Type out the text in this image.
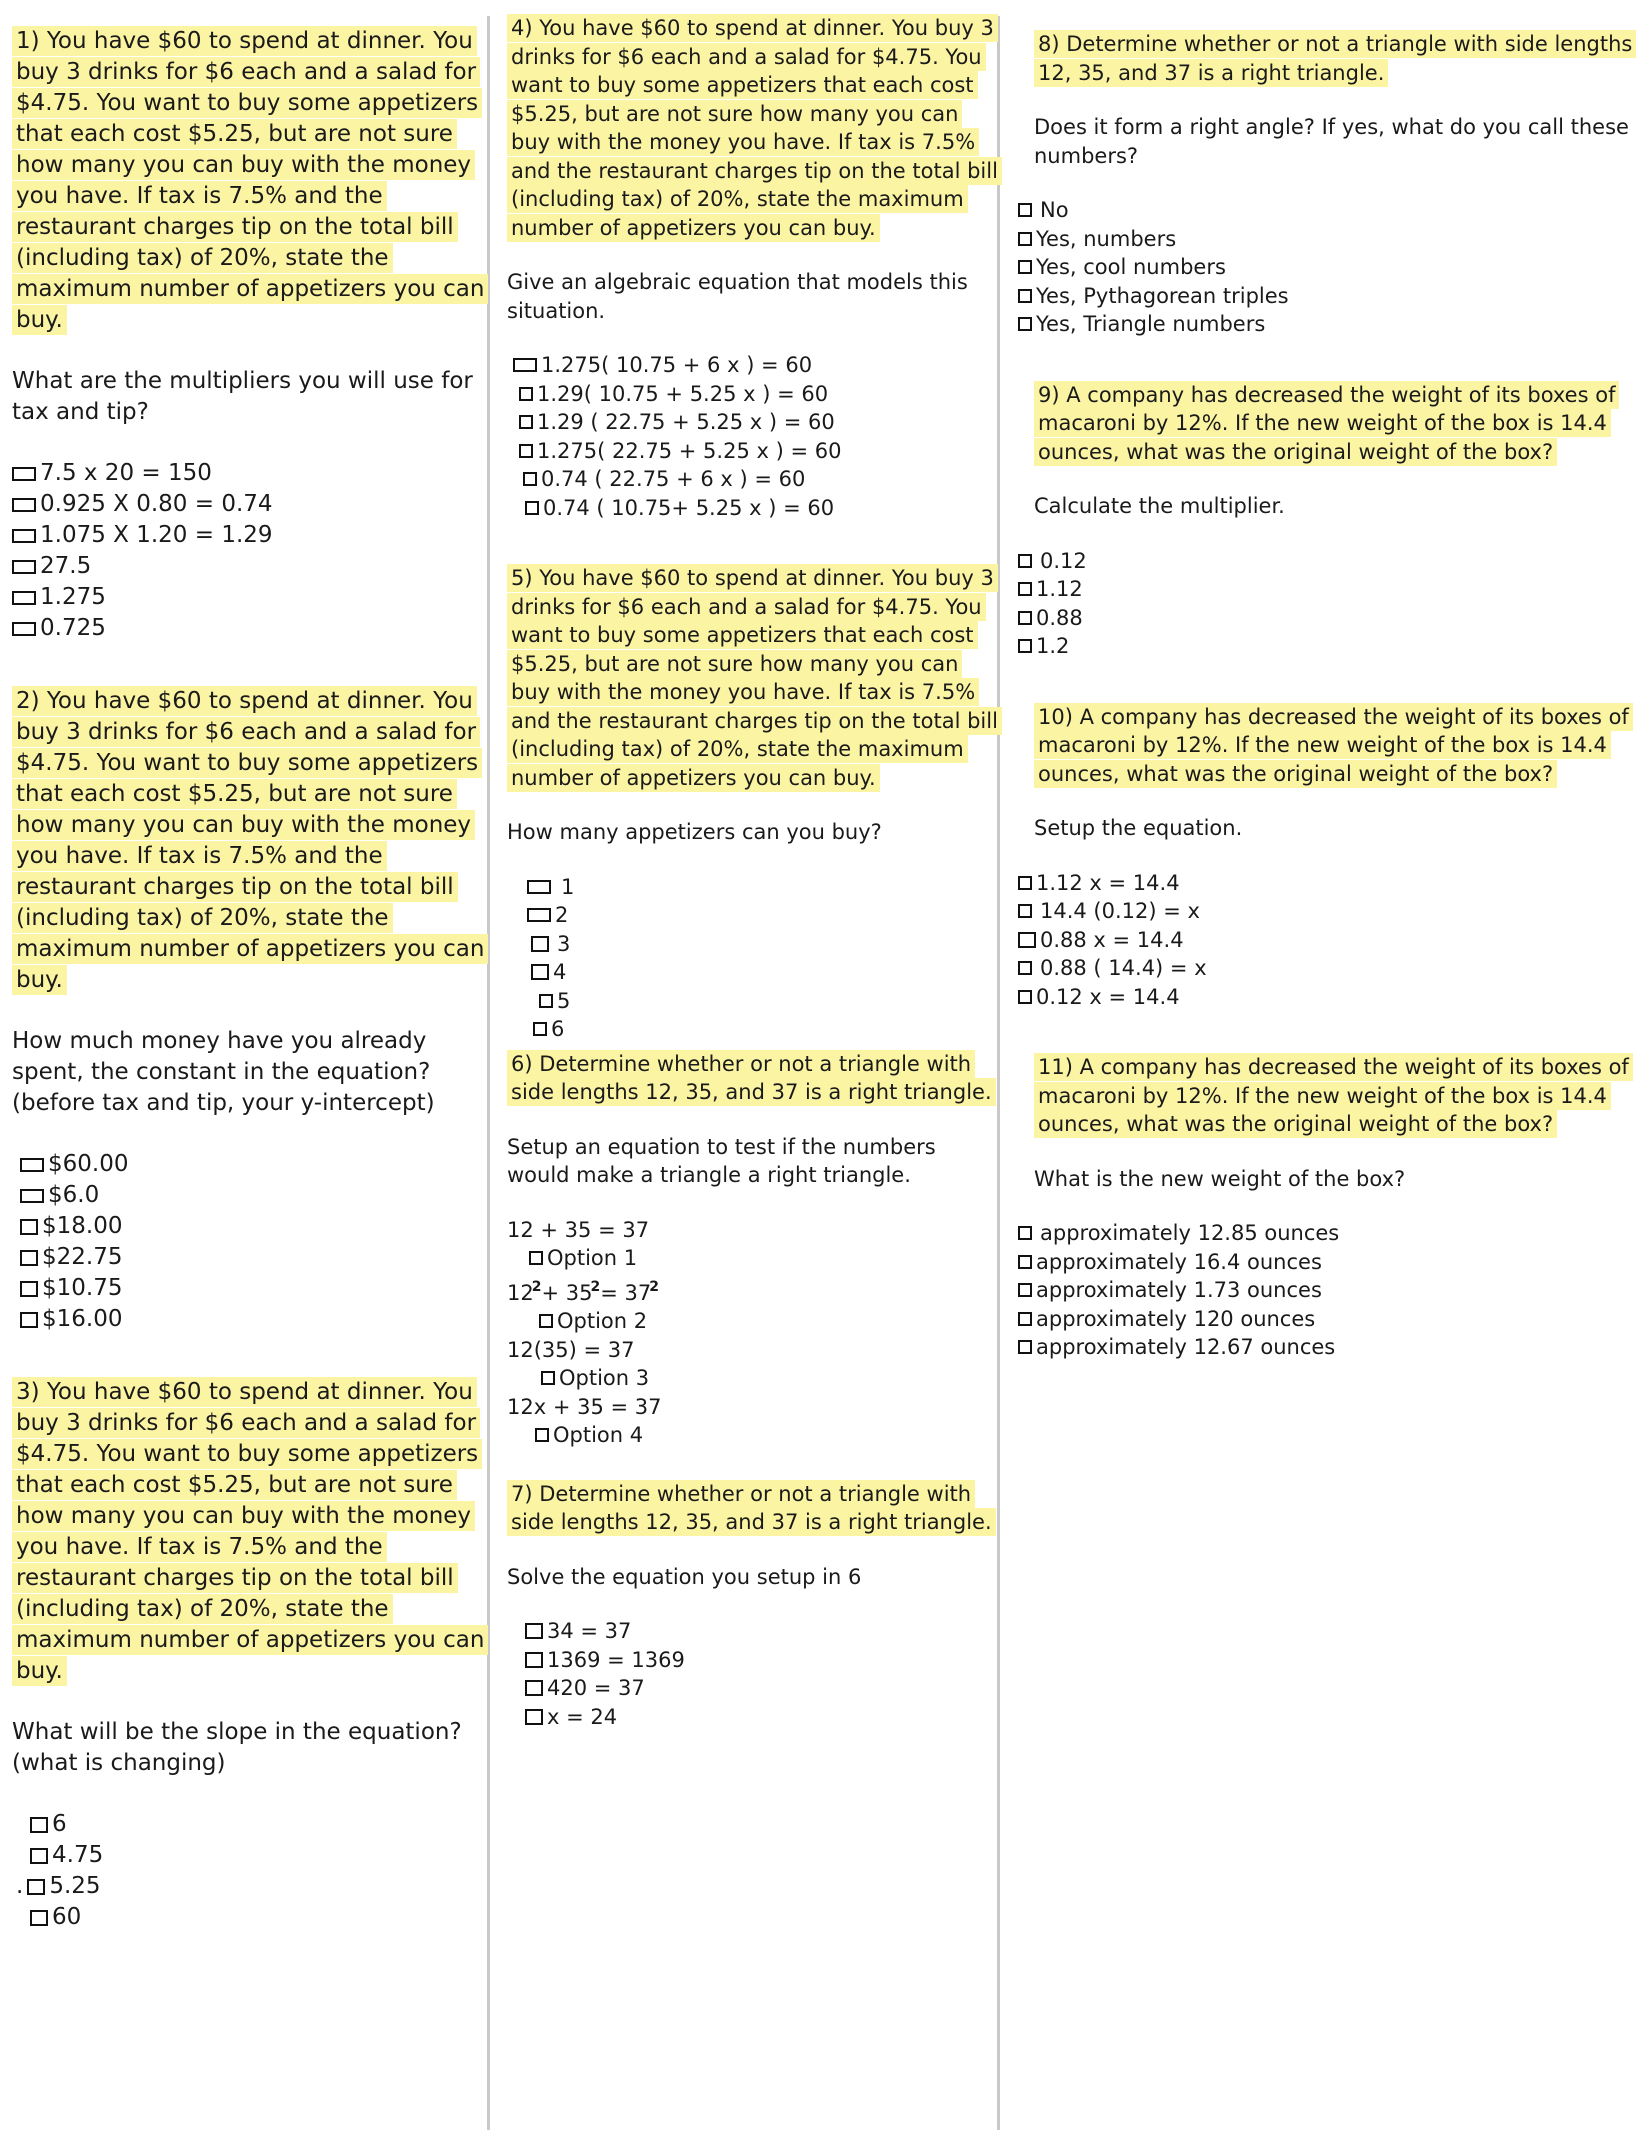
1) You have $60 to spend at dinner. You buy 3 drinks for $6 each and a salad for $4.75. You want to buy some appetizers that each cost $5.25, but are not sure how many you can buy with the money you have. If tax is 7.5% and the restaurant charges tip on the total bill (including tax) of 20%, state the maximum number of appetizers you can buy.

What are the multipliers you will use for tax and tip?

7.5 x 20 = 150
0.925 X 0.80 = 0.74
1.075 X 1.20 = 1.29
27.5
1.275
0.725

2) You have $60 to spend at dinner. You buy 3 drinks for $6 each and a salad for $4.75. You want to buy some appetizers that each cost $5.25, but are not sure how many you can buy with the money you have. If tax is 7.5% and the restaurant charges tip on the total bill (including tax) of 20%, state the maximum number of appetizers you can buy.

How much money have you already spent, the constant in the equation? (before tax and tip, your y-intercept)

$60.00
$6.0
$18.00
$22.75
$10.75
$16.00

3) You have $60 to spend at dinner. You buy 3 drinks for $6 each and a salad for $4.75. You want to buy some appetizers that each cost $5.25, but are not sure how many you can buy with the money you have. If tax is 7.5% and the restaurant charges tip on the total bill (including tax) of 20%, state the maximum number of appetizers you can buy.

What will be the slope in the equation? (what is changing)

6
4.75
. 5.25
60

4) You have $60 to spend at dinner. You buy 3 drinks for $6 each and a salad for $4.75. You want to buy some appetizers that each cost $5.25, but are not sure how many you can buy with the money you have. If tax is 7.5% and the restaurant charges tip on the total bill (including tax) of 20%, state the maximum number of appetizers you can buy.

Give an algebraic equation that models this situation.

1.275( 10.75 + 6 x ) = 60
1.29( 10.75 + 5.25 x ) = 60
1.29 ( 22.75 + 5.25 x ) = 60
1.275( 22.75 + 5.25 x ) = 60
0.74 ( 22.75 + 6 x ) = 60
0.74 ( 10.75+ 5.25 x ) = 60

5) You have $60 to spend at dinner. You buy 3 drinks for $6 each and a salad for $4.75. You want to buy some appetizers that each cost $5.25, but are not sure how many you can buy with the money you have. If tax is 7.5% and the restaurant charges tip on the total bill (including tax) of 20%, state the maximum number of appetizers you can buy.

How many appetizers can you buy?

1
2
3
4
5
6

6) Determine whether or not a triangle with side lengths 12, 35, and 37 is a right triangle.

Setup an equation to test if the numbers would make a triangle a right triangle.

12 + 35 = 37

Option 1

$12^2+ 35^2= 37^2$

Option 2

12(35) = 37

Option 3

12x + 35 = 37

Option 4

7) Determine whether or not a triangle with side lengths 12, 35, and 37 is a right triangle.

Solve the equation you setup in 6

34 = 37
1369 = 1369
420 = 37
x = 24

8) Determine whether or not a triangle with side lengths 12, 35, and 37 is a right triangle.

Does it form a right angle? If yes, what do you call these numbers?

No
Yes, numbers
Yes, cool numbers
Yes, Pythagorean triples
Yes, Triangle numbers

9) A company has decreased the weight of its boxes of macaroni by 12%. If the new weight of the box is 14.4 ounces, what was the original weight of the box?

Calculate the multiplier.

0.12
1.12
0.88
1.2

10) A company has decreased the weight of its boxes of macaroni by 12%. If the new weight of the box is 14.4 ounces, what was the original weight of the box?

Setup the equation.

1.12 x = 14.4
14.4 (0.12) = x
0.88 x = 14.4
0.88 ( 14.4) = x
0.12 x = 14.4

11) A company has decreased the weight of its boxes of macaroni by 12%. If the new weight of the box is 14.4 ounces, what was the original weight of the box?

What is the new weight of the box?

approximately 12.85 ounces
approximately 16.4 ounces
approximately 1.73 ounces
approximately 120 ounces
approximately 12.67 ounces
